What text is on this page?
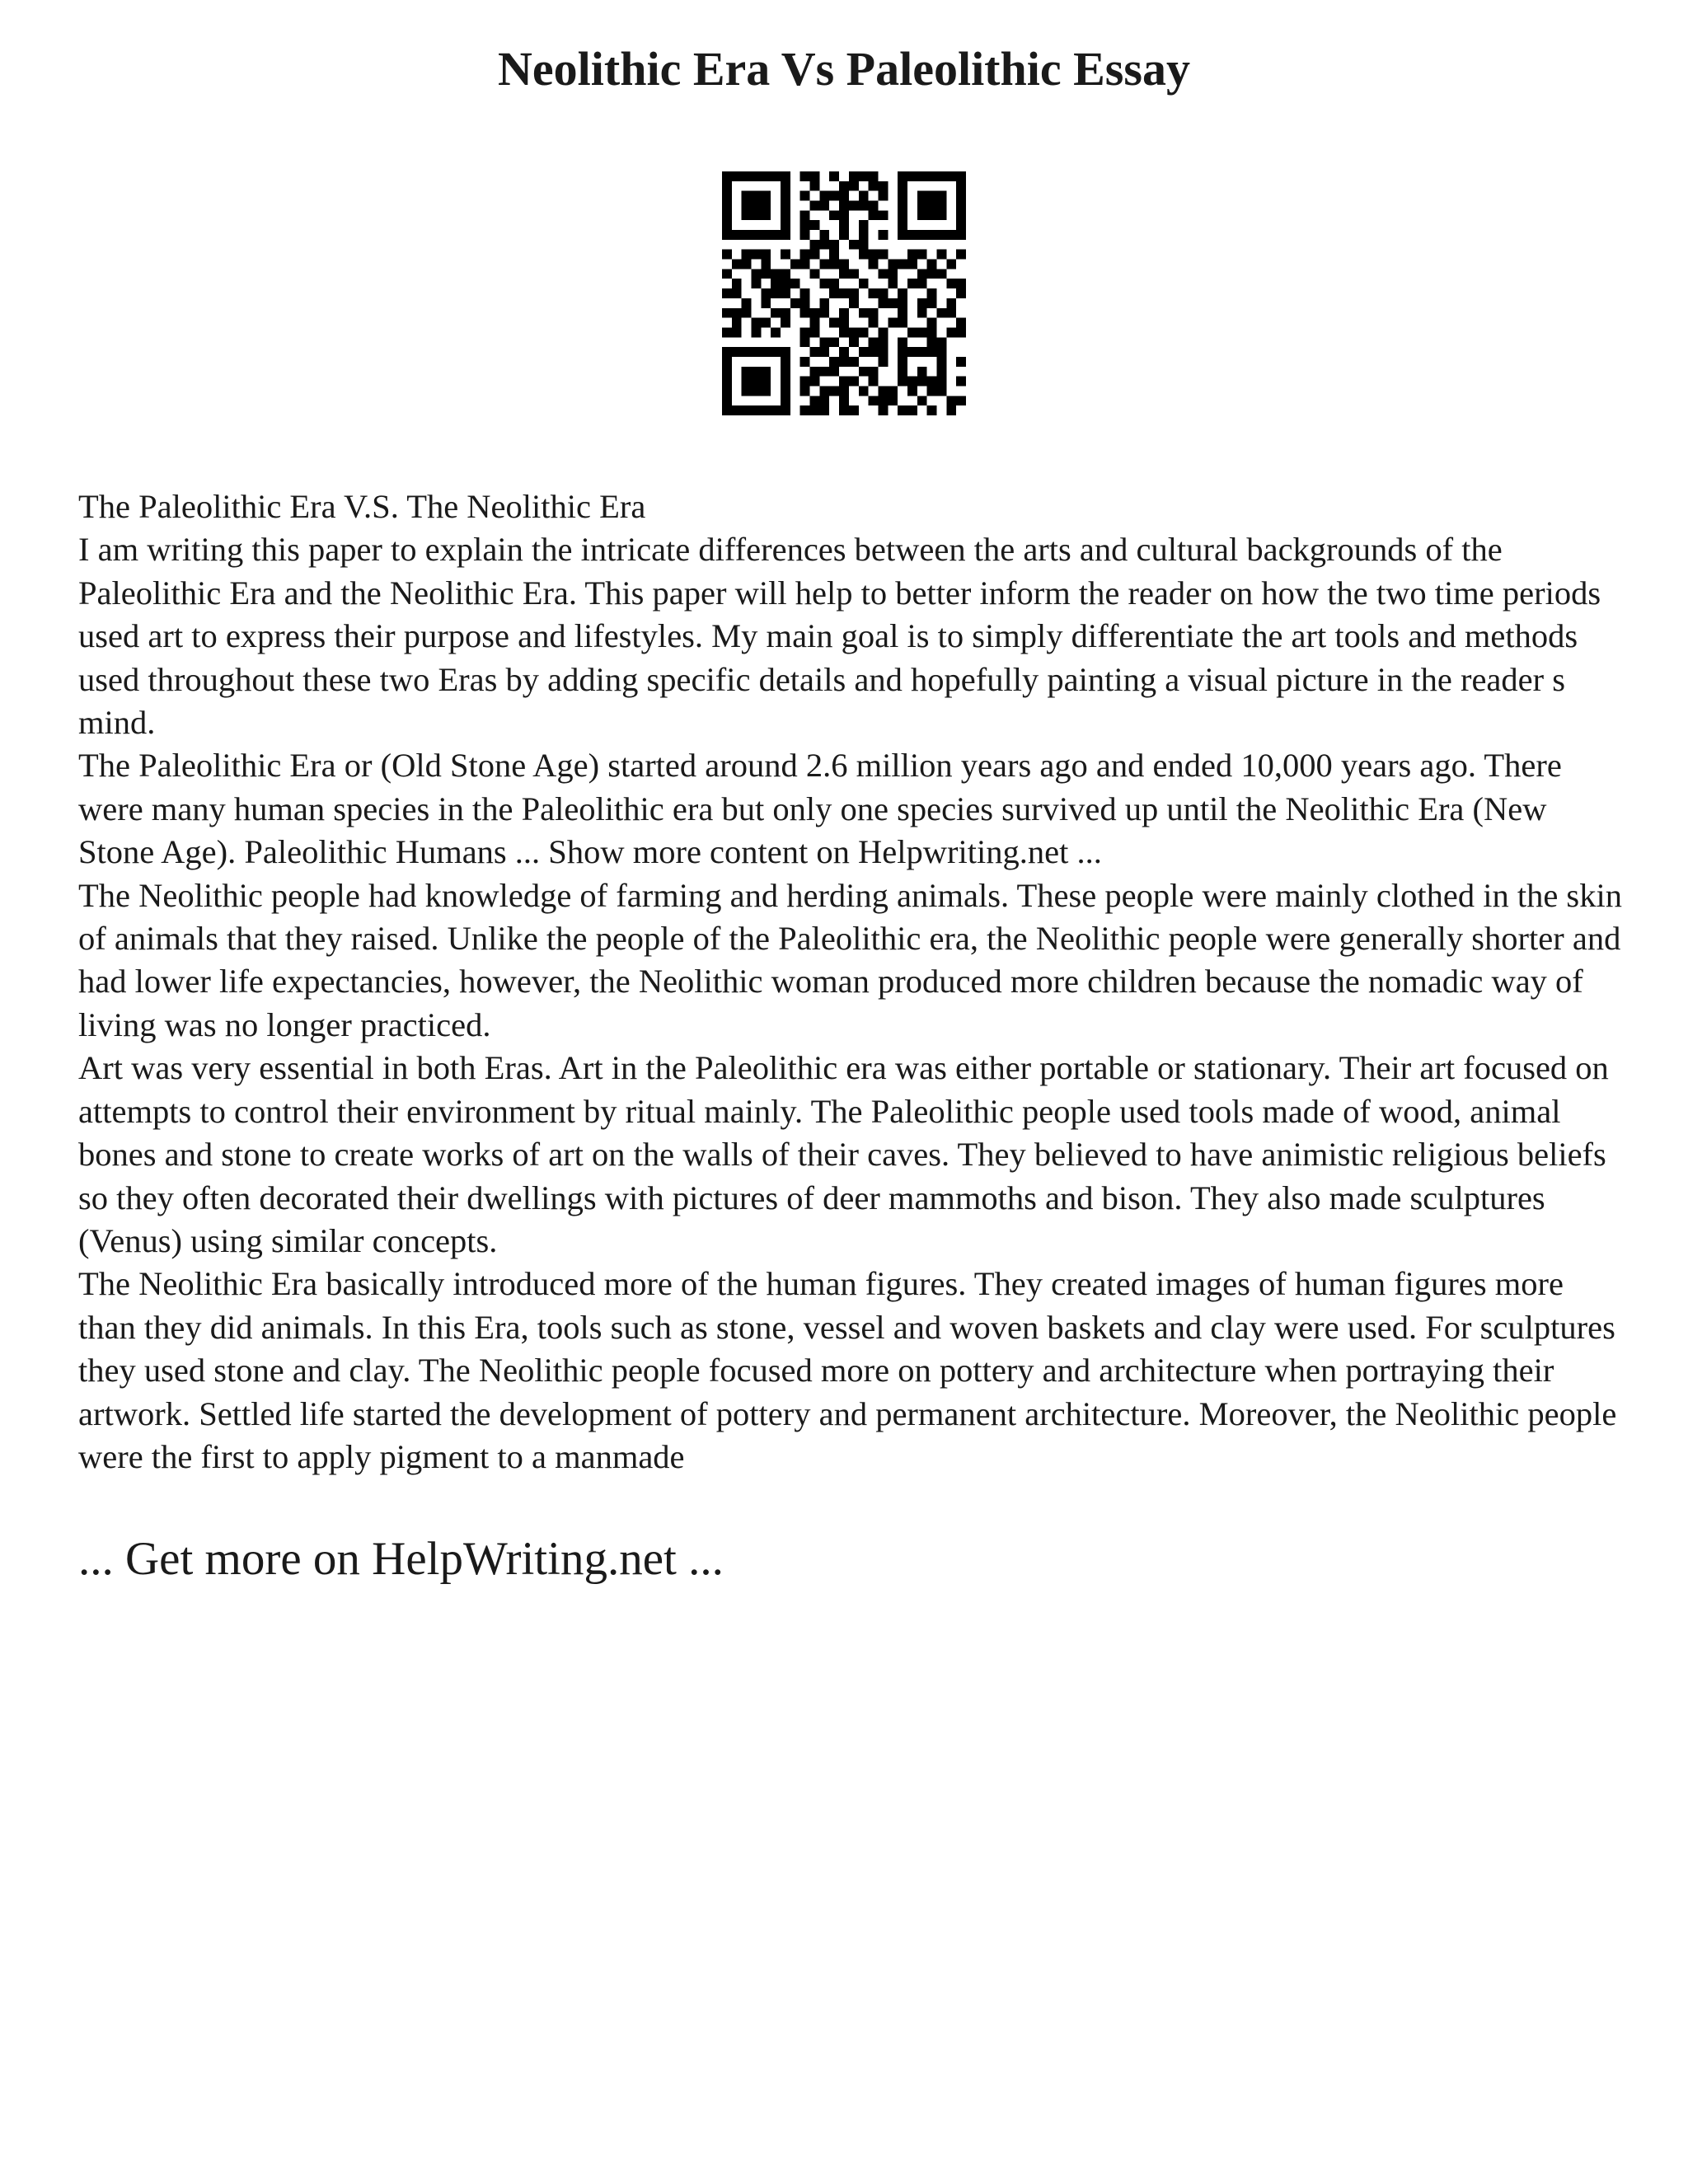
Neolithic Era Vs Paleolithic Essay

The Paleolithic Era V.S. The Neolithic Era

I am writing this paper to explain the intricate differences between the arts and cultural backgrounds of the Paleolithic Era and the Neolithic Era. This paper will help to better inform the reader on how the two time periods used art to express their purpose and lifestyles. My main goal is to simply differentiate the art tools and methods used throughout these two Eras by adding specific details and hopefully painting a visual picture in the reader s mind.

The Paleolithic Era or (Old Stone Age) started around 2.6 million years ago and ended 10,000 years ago. There were many human species in the Paleolithic era but only one species survived up until the Neolithic Era (New Stone Age). Paleolithic Humans ... Show more content on Helpwriting.net ...

The Neolithic people had knowledge of farming and herding animals. These people were mainly clothed in the skin of animals that they raised. Unlike the people of the Paleolithic era, the Neolithic people were generally shorter and had lower life expectancies, however, the Neolithic woman produced more children because the nomadic way of living was no longer practiced.

Art was very essential in both Eras. Art in the Paleolithic era was either portable or stationary. Their art focused on attempts to control their environment by ritual mainly. The Paleolithic people used tools made of wood, animal bones and stone to create works of art on the walls of their caves. They believed to have animistic religious beliefs so they often decorated their dwellings with pictures of deer mammoths and bison. They also made sculptures (Venus) using similar concepts.

The Neolithic Era basically introduced more of the human figures. They created images of human figures more than they did animals. In this Era, tools such as stone, vessel and woven baskets and clay were used. For sculptures they used stone and clay. The Neolithic people focused more on pottery and architecture when portraying their artwork. Settled life started the development of pottery and permanent architecture. Moreover, the Neolithic people were the first to apply pigment to a manmade

... Get more on HelpWriting.net ...
